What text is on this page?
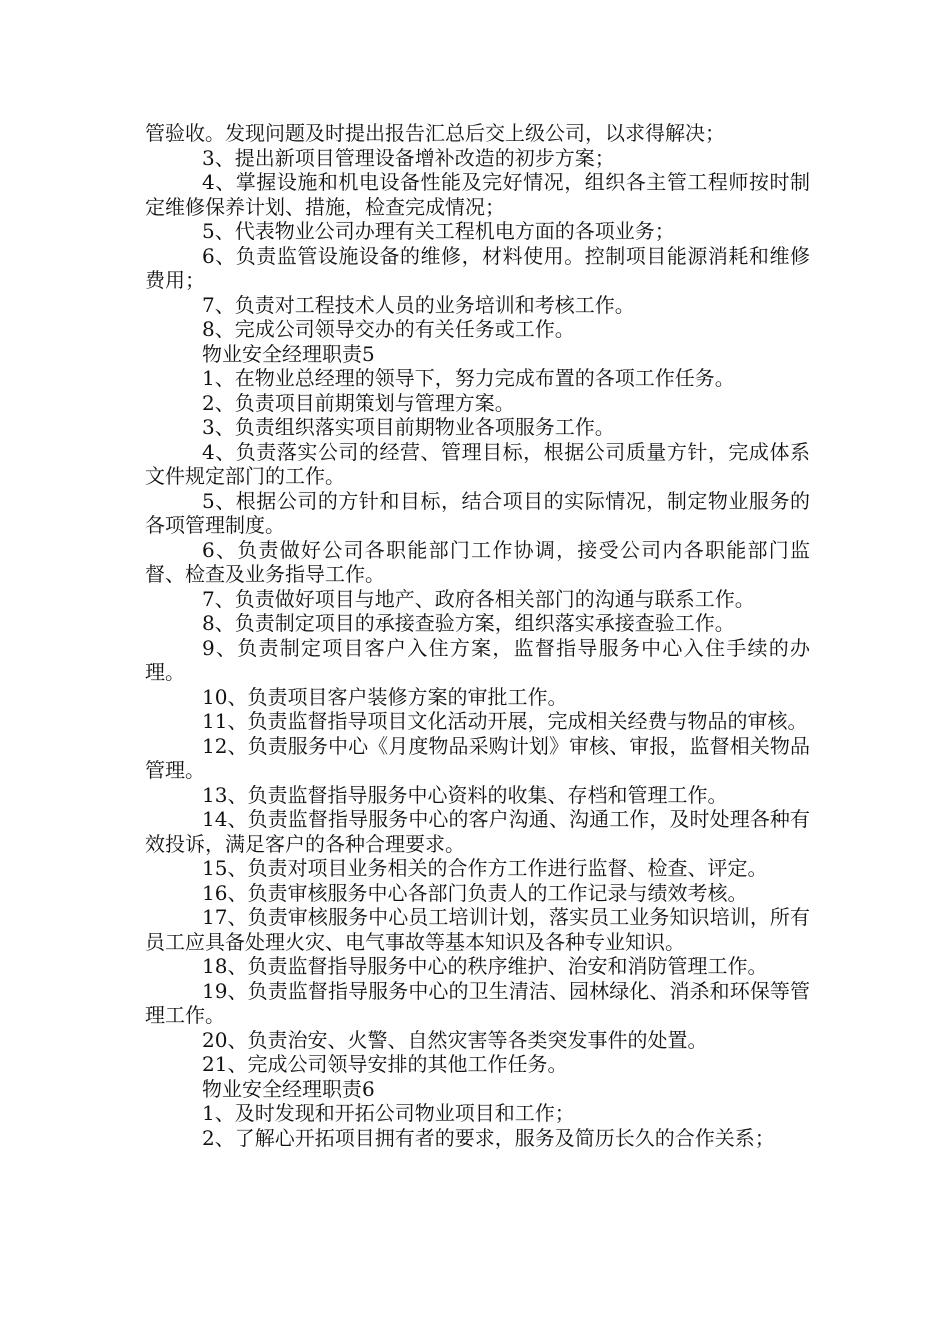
管验收。发现问题及时提出报告汇总后交上级公司，以求得解决；

3、提出新项目管理设备增补改造的初步方案；

4、掌握设施和机电设备性能及完好情况，组织各主管工程师按时制定维修保养计划、措施，检查完成情况；

5、代表物业公司办理有关工程机电方面的各项业务；

6、负责监管设施设备的维修，材料使用。控制项目能源消耗和维修费用；

7、负责对工程技术人员的业务培训和考核工作。

8、完成公司领导交办的有关任务或工作。

物业安全经理职责5

1、在物业总经理的领导下，努力完成布置的各项工作任务。

2、负责项目前期策划与管理方案。

3、负责组织落实项目前期物业各项服务工作。

4、负责落实公司的经营、管理目标，根据公司质量方针，完成体系文件规定部门的工作。

5、根据公司的方针和目标，结合项目的实际情况，制定物业服务的各项管理制度。

6、负责做好公司各职能部门工作协调，接受公司内各职能部门监督、检查及业务指导工作。

7、负责做好项目与地产、政府各相关部门的沟通与联系工作。

8、负责制定项目的承接查验方案，组织落实承接查验工作。

9、负责制定项目客户入住方案，监督指导服务中心入住手续的办理。

10、负责项目客户装修方案的审批工作。

11、负责监督指导项目文化活动开展，完成相关经费与物品的审核。

12、负责服务中心《月度物品采购计划》审核、审报，监督相关物品管理。

13、负责监督指导服务中心资料的收集、存档和管理工作。

14、负责监督指导服务中心的客户沟通、沟通工作，及时处理各种有效投诉，满足客户的各种合理要求。

15、负责对项目业务相关的合作方工作进行监督、检查、评定。

16、负责审核服务中心各部门负责人的工作记录与绩效考核。

17、负责审核服务中心员工培训计划，落实员工业务知识培训，所有员工应具备处理火灾、电气事故等基本知识及各种专业知识。

18、负责监督指导服务中心的秩序维护、治安和消防管理工作。

19、负责监督指导服务中心的卫生清洁、园林绿化、消杀和环保等管理工作。

20、负责治安、火警、自然灾害等各类突发事件的处置。

21、完成公司领导安排的其他工作任务。

物业安全经理职责6

1、及时发现和开拓公司物业项目和工作；

2、了解心开拓项目拥有者的要求，服务及简历长久的合作关系；
